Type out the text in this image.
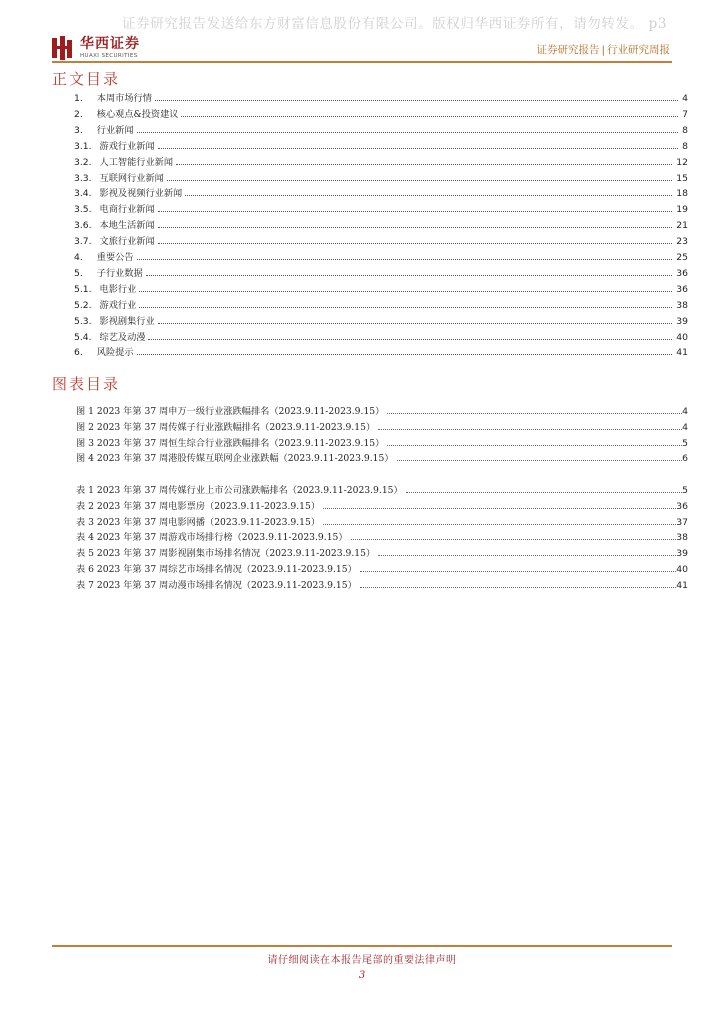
证券研究报告发送给东方财富信息股份有限公司。版权归华西证券所有，请勿转发。 p3
华西证券
HUAXI SECURITIES	证券研究报告 | 行业研究周报
正文目录
1. 本周市场行情	4
2. 核心观点&投资建议	7
3. 行业新闻	8
3.1. 游戏行业新闻	8
3.2. 人工智能行业新闻	12
3.3. 互联网行业新闻	15
3.4. 影视及视频行业新闻	18
3.5. 电商行业新闻	19
3.6. 本地生活新闻	21
3.7. 文旅行业新闻	23
4. 重要公告	25
5. 子行业数据	36
5.1. 电影行业	36
5.2. 游戏行业	38
5.3. 影视剧集行业	39
5.4. 综艺及动漫	40
6. 风险提示	41
图表目录
图 1 2023 年第 37 周申万一级行业涨跌幅排名（2023.9.11-2023.9.15）	4
图 2 2023 年第 37 周传媒子行业涨跌幅排名（2023.9.11-2023.9.15）	4
图 3 2023 年第 37 周恒生综合行业涨跌幅排名（2023.9.11-2023.9.15）	5
图 4 2023 年第 37 周港股传媒互联网企业涨跌幅（2023.9.11-2023.9.15）	6
表 1 2023 年第 37 周传媒行业上市公司涨跌幅排名（2023.9.11-2023.9.15）	5
表 2 2023 年第 37 周电影票房（2023.9.11-2023.9.15）	36
表 3 2023 年第 37 周电影网播（2023.9.11-2023.9.15）	37
表 4 2023 年第 37 周游戏市场排行榜（2023.9.11-2023.9.15）	38
表 5 2023 年第 37 周影视剧集市场排名情况（2023.9.11-2023.9.15）	39
表 6 2023 年第 37 周综艺市场排名情况（2023.9.11-2023.9.15）	40
表 7 2023 年第 37 周动漫市场排名情况（2023.9.11-2023.9.15）	41
请仔细阅读在本报告尾部的重要法律声明
3
